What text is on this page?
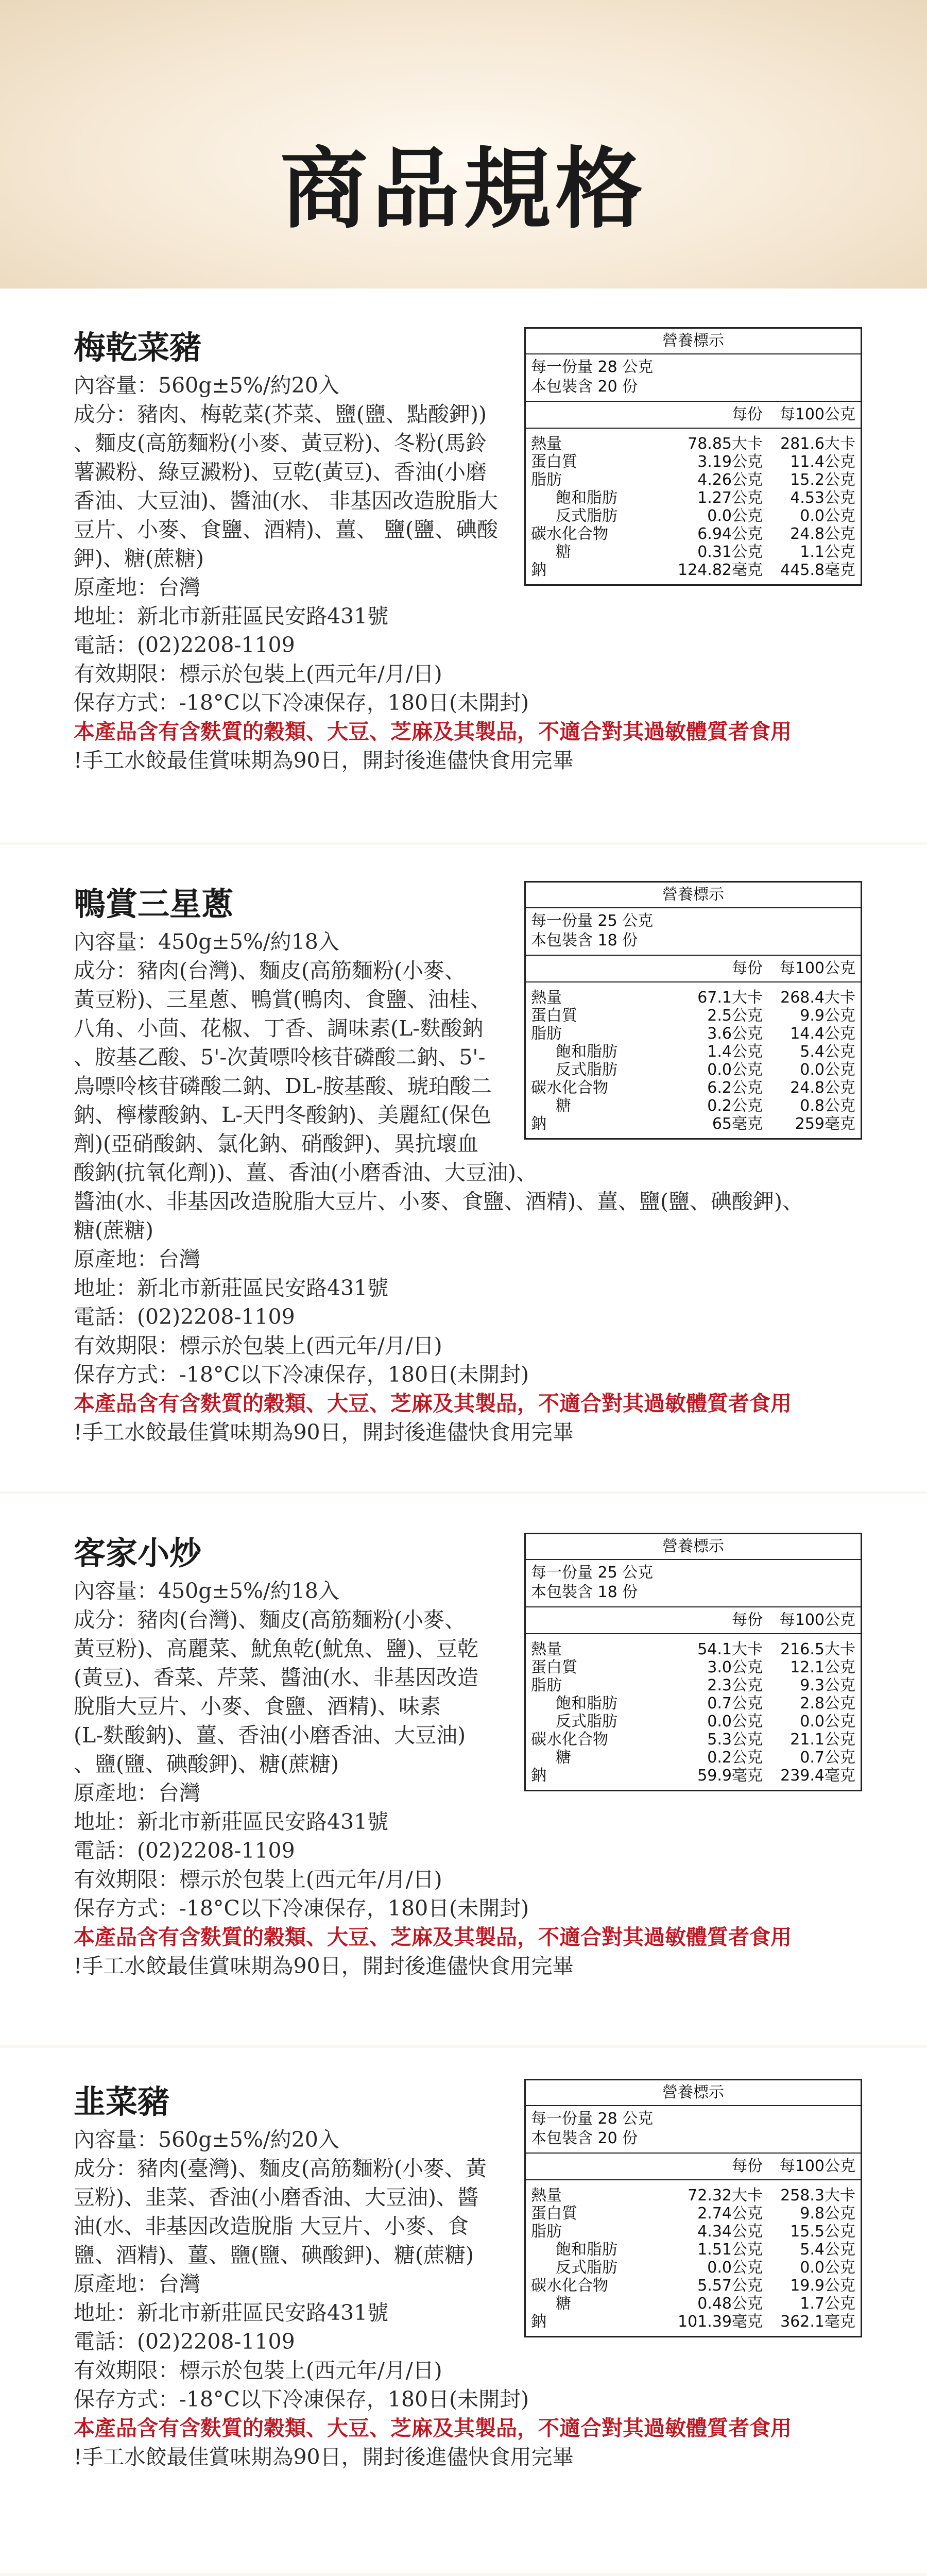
商品規格
梅乾菜豬

內容量：560g±5%/約20入

成分：豬肉、梅乾菜(芥菜、鹽(鹽、點酸鉀))

、麵皮(高筋麵粉(小麥、黃豆粉)、冬粉(馬鈴

薯澱粉、綠豆澱粉)、豆乾(黃豆)、香油(小磨

香油、大豆油)、醬油(水、 非基因改造脫脂大

豆片、小麥、食鹽、酒精)、薑、 鹽(鹽、碘酸

鉀)、糖(蔗糖)

原產地：台灣

地址：新北市新莊區民安路431號

電話：(02)2208-1109

有效期限：標示於包裝上(西元年/月/日)

保存方式：-18°C以下冷凍保存，180日(未開封)

本產品含有含麩質的穀類、大豆、芝麻及其製品，不適合對其過敏體質者食用

!手工水餃最佳賞味期為90日，開封後進儘快食用完畢

營養標示
每一份量 28 公克
本包裝含 20 份
每份	每100公克
熱量	78.85大卡	281.6大卡
蛋白質	3.19公克	11.4公克
脂肪	4.26公克	15.2公克
飽和脂肪	1.27公克	4.53公克
反式脂肪	0.0公克	0.0公克
碳水化合物	6.94公克	24.8公克
糖	0.31公克	1.1公克
鈉	124.82毫克	445.8毫克
鴨賞三星蔥

內容量：450g±5%/約18入

成分：豬肉(台灣)、麵皮(高筋麵粉(小麥、

黃豆粉)、三星蔥、鴨賞(鴨肉、食鹽、油桂、

八角、小茴、花椒、丁香、調味素(L-麩酸鈉

、胺基乙酸、5'-次黃嘌呤核苷磷酸二鈉、5'-

鳥嘌呤核苷磷酸二鈉、DL-胺基酸、琥珀酸二

鈉、檸檬酸鈉、L-天門冬酸鈉)、美麗紅(保色

劑)(亞硝酸鈉、氯化鈉、硝酸鉀)、異抗壞血

酸鈉(抗氧化劑))、薑、香油(小磨香油、大豆油)、

醬油(水、非基因改造脫脂大豆片、小麥、食鹽、酒精)、薑、鹽(鹽、碘酸鉀)、

糖(蔗糖)

原產地：台灣

地址：新北市新莊區民安路431號

電話：(02)2208-1109

有效期限：標示於包裝上(西元年/月/日)

保存方式：-18°C以下冷凍保存，180日(未開封)

本產品含有含麩質的穀類、大豆、芝麻及其製品，不適合對其過敏體質者食用

!手工水餃最佳賞味期為90日，開封後進儘快食用完畢

營養標示
每一份量 25 公克
本包裝含 18 份
每份	每100公克
熱量	67.1大卡	268.4大卡
蛋白質	2.5公克	9.9公克
脂肪	3.6公克	14.4公克
飽和脂肪	1.4公克	5.4公克
反式脂肪	0.0公克	0.0公克
碳水化合物	6.2公克	24.8公克
糖	0.2公克	0.8公克
鈉	65毫克	259毫克
客家小炒

內容量：450g±5%/約18入

成分：豬肉(台灣)、麵皮(高筋麵粉(小麥、

黃豆粉)、高麗菜、魷魚乾(魷魚、鹽)、豆乾

(黃豆)、香菜、芹菜、醬油(水、非基因改造

脫脂大豆片、小麥、食鹽、酒精)、味素

(L-麩酸鈉)、薑、香油(小磨香油、大豆油)

、鹽(鹽、碘酸鉀)、糖(蔗糖)

原產地：台灣

地址：新北市新莊區民安路431號

電話：(02)2208-1109

有效期限：標示於包裝上(西元年/月/日)

保存方式：-18°C以下冷凍保存，180日(未開封)

本產品含有含麩質的穀類、大豆、芝麻及其製品，不適合對其過敏體質者食用

!手工水餃最佳賞味期為90日，開封後進儘快食用完畢

營養標示
每一份量 25 公克
本包裝含 18 份
每份	每100公克
熱量	54.1大卡	216.5大卡
蛋白質	3.0公克	12.1公克
脂肪	2.3公克	9.3公克
飽和脂肪	0.7公克	2.8公克
反式脂肪	0.0公克	0.0公克
碳水化合物	5.3公克	21.1公克
糖	0.2公克	0.7公克
鈉	59.9毫克	239.4毫克
韭菜豬

內容量：560g±5%/約20入

成分：豬肉(臺灣)、麵皮(高筋麵粉(小麥、黃

豆粉)、韭菜、香油(小磨香油、大豆油)、醬

油(水、非基因改造脫脂 大豆片、小麥、食

鹽、酒精)、薑、鹽(鹽、碘酸鉀)、糖(蔗糖)

原產地：台灣

地址：新北市新莊區民安路431號

電話：(02)2208-1109

有效期限：標示於包裝上(西元年/月/日)

保存方式：-18°C以下冷凍保存，180日(未開封)

本產品含有含麩質的穀類、大豆、芝麻及其製品，不適合對其過敏體質者食用

!手工水餃最佳賞味期為90日，開封後進儘快食用完畢

營養標示
每一份量 28 公克
本包裝含 20 份
每份	每100公克
熱量	72.32大卡	258.3大卡
蛋白質	2.74公克	9.8公克
脂肪	4.34公克	15.5公克
飽和脂肪	1.51公克	5.4公克
反式脂肪	0.0公克	0.0公克
碳水化合物	5.57公克	19.9公克
糖	0.48公克	1.7公克
鈉	101.39毫克	362.1毫克
